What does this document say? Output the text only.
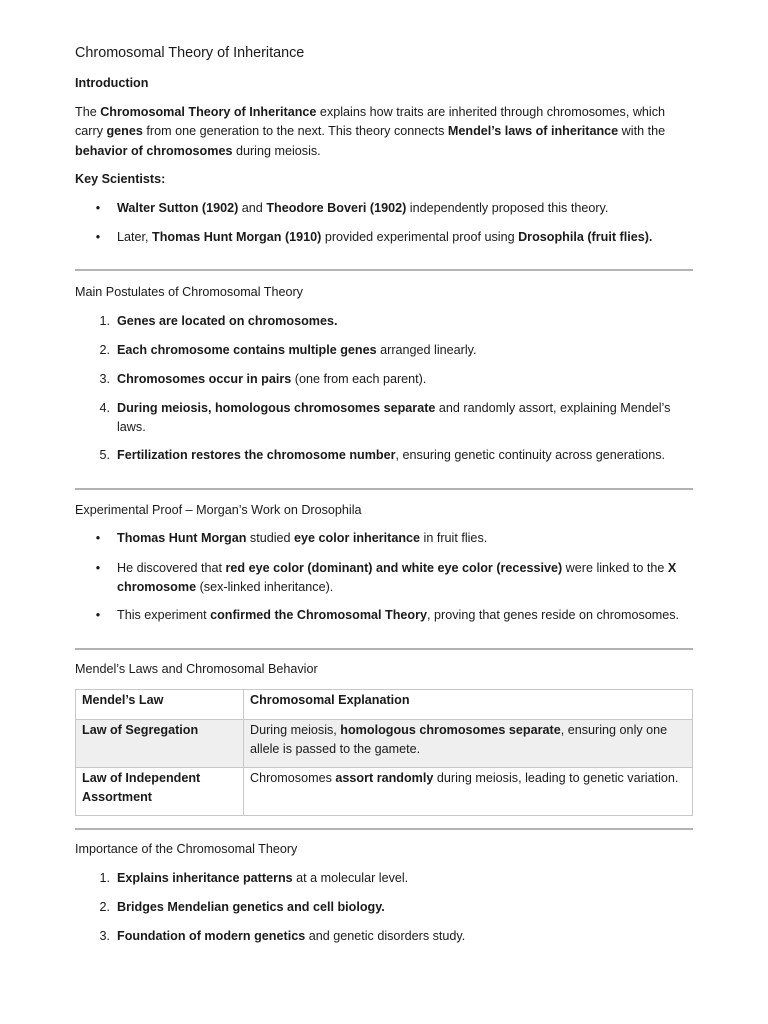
Chromosomal Theory of Inheritance
Introduction
The Chromosomal Theory of Inheritance explains how traits are inherited through chromosomes, which carry genes from one generation to the next. This theory connects Mendel’s laws of inheritance with the behavior of chromosomes during meiosis.
Key Scientists:
•	Walter Sutton (1902) and Theodore Boveri (1902) independently proposed this theory.
•	Later, Thomas Hunt Morgan (1910) provided experimental proof using Drosophila (fruit flies).
Main Postulates of Chromosomal Theory
1. Genes are located on chromosomes.
2. Each chromosome contains multiple genes arranged linearly.
3. Chromosomes occur in pairs (one from each parent).
4. During meiosis, homologous chromosomes separate and randomly assort, explaining Mendel’s laws.
5. Fertilization restores the chromosome number, ensuring genetic continuity across generations.
Experimental Proof – Morgan’s Work on Drosophila
•	Thomas Hunt Morgan studied eye color inheritance in fruit flies.
•	He discovered that red eye color (dominant) and white eye color (recessive) were linked to the X chromosome (sex-linked inheritance).
•	This experiment confirmed the Chromosomal Theory, proving that genes reside on chromosomes.
Mendel’s Laws and Chromosomal Behavior
Mendel’s Law	Chromosomal Explanation
Law of Segregation	During meiosis, homologous chromosomes separate, ensuring only one allele is passed to the gamete.
Law of Independent Assortment	Chromosomes assort randomly during meiosis, leading to genetic variation.
Importance of the Chromosomal Theory
1. Explains inheritance patterns at a molecular level.
2. Bridges Mendelian genetics and cell biology.
3. Foundation of modern genetics and genetic disorders study.
